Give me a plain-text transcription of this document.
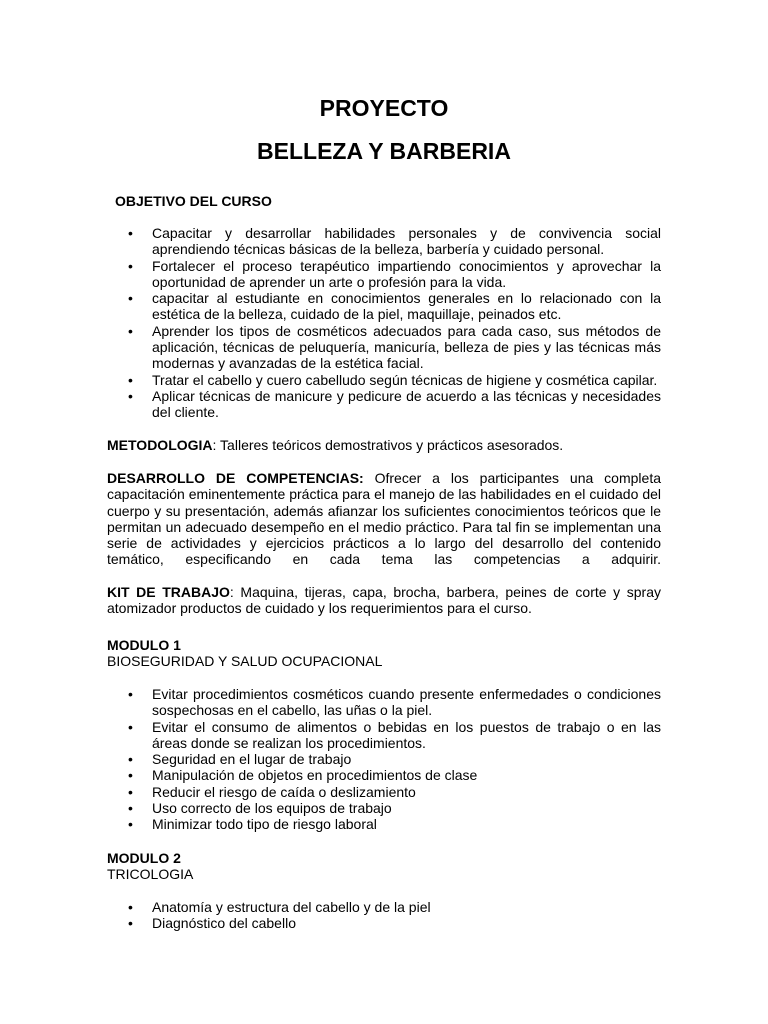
PROYECTO
BELLEZA Y BARBERIA
OBJETIVO DEL CURSO
• Capacitar y desarrollar habilidades personales y de convivencia social aprendiendo técnicas básicas de la belleza, barbería y cuidado personal.
• Fortalecer el proceso terapéutico impartiendo conocimientos y aprovechar la oportunidad de aprender un arte o profesión para la vida.
• capacitar al estudiante en conocimientos generales en lo relacionado con la estética de la belleza, cuidado de la piel, maquillaje, peinados etc.
• Aprender los tipos de cosméticos adecuados para cada caso, sus métodos de aplicación, técnicas de peluquería, manicuría, belleza de pies y las técnicas más modernas y avanzadas de la estética facial.
• Tratar el cabello y cuero cabelludo según técnicas de higiene y cosmética capilar.
• Aplicar técnicas de manicure y pedicure de acuerdo a las técnicas y necesidades del cliente.

METODOLOGIA: Talleres teóricos demostrativos y prácticos asesorados.

DESARROLLO DE COMPETENCIAS: Ofrecer a los participantes una completa capacitación eminentemente práctica para el manejo de las habilidades en el cuidado del cuerpo y su presentación, además afianzar los suficientes conocimientos teóricos que le permitan un adecuado desempeño en el medio práctico. Para tal fin se implementan una serie de actividades y ejercicios prácticos a lo largo del desarrollo del contenido temático, especificando en cada tema las competencias a adquirir.

KIT DE TRABAJO: Maquina, tijeras, capa, brocha, barbera, peines de corte y spray atomizador productos de cuidado y los requerimientos para el curso.

MODULO 1
BIOSEGURIDAD Y SALUD OCUPACIONAL
• Evitar procedimientos cosméticos cuando presente enfermedades o condiciones sospechosas en el cabello, las uñas o la piel.
• Evitar el consumo de alimentos o bebidas en los puestos de trabajo o en las áreas donde se realizan los procedimientos.
• Seguridad en el lugar de trabajo
• Manipulación de objetos en procedimientos de clase
• Reducir el riesgo de caída o deslizamiento
• Uso correcto de los equipos de trabajo
• Minimizar todo tipo de riesgo laboral
MODULO 2
TRICOLOGIA
• Anatomía y estructura del cabello y de la piel
• Diagnóstico del cabello
